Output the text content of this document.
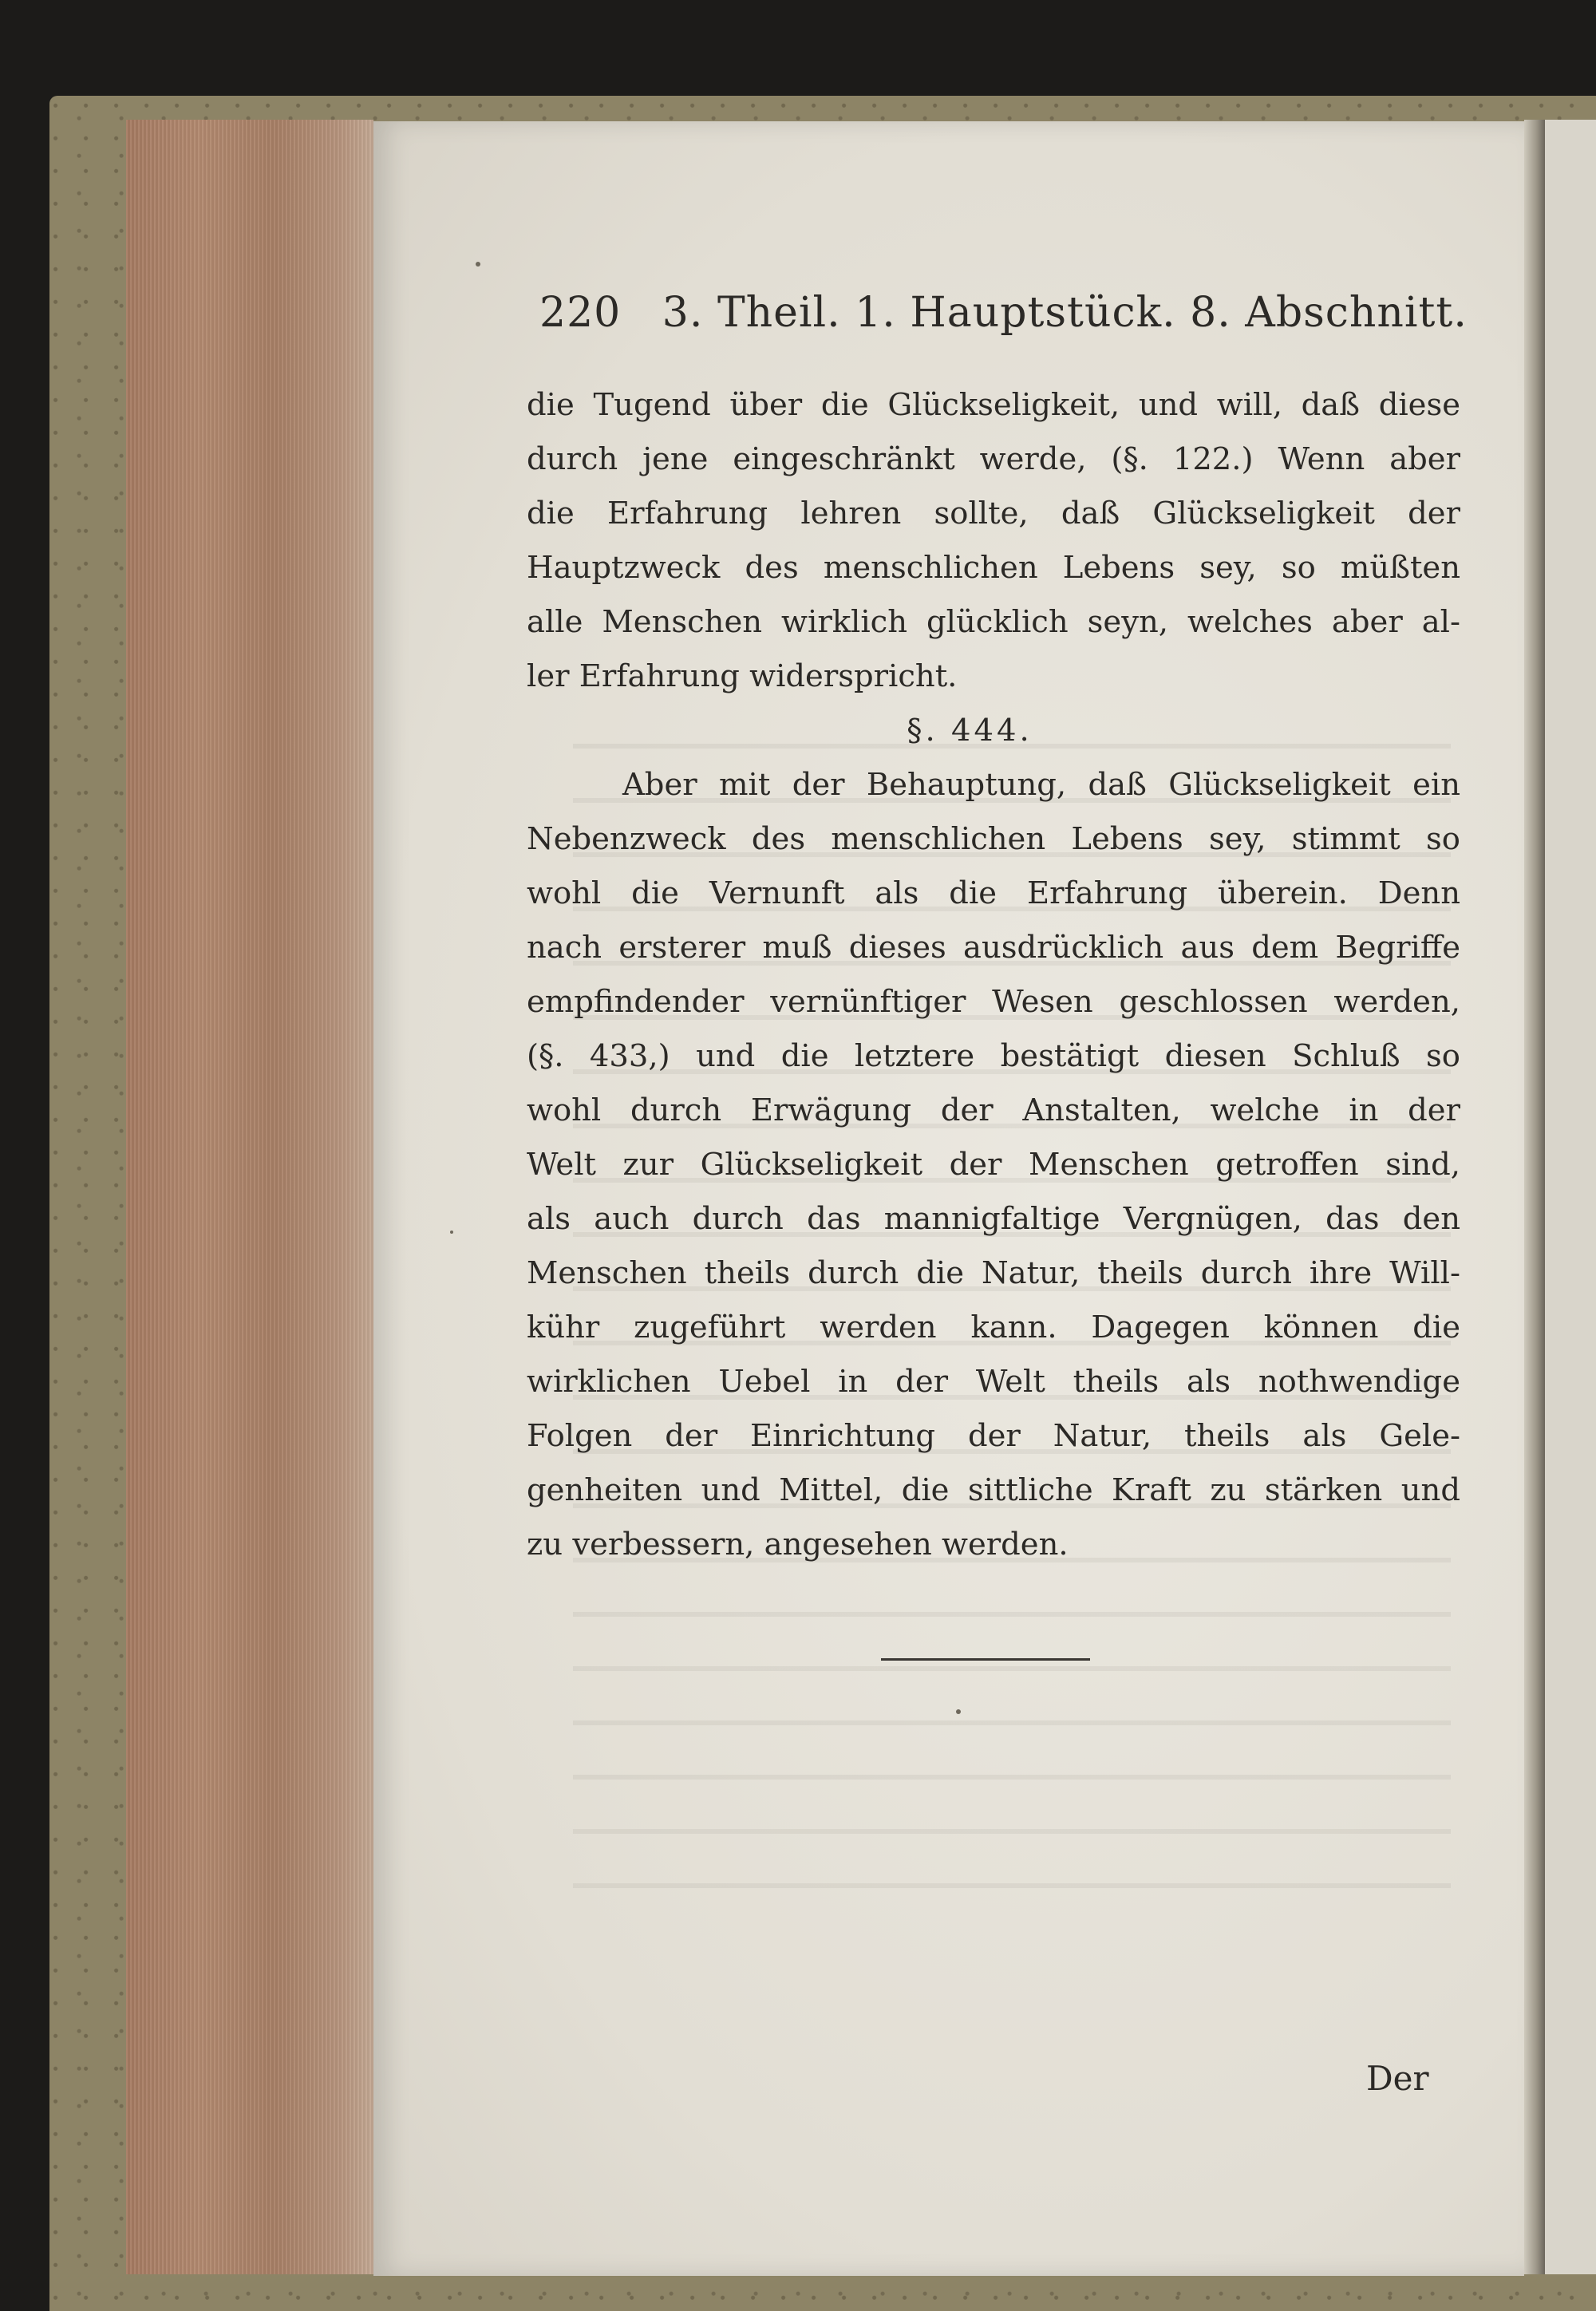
220 3. Theil. 1. Hauptstück. 8. Abschnitt.
die Tugend über die Glückseligkeit, und will, daß diese
durch jene eingeschränkt werde, (§. 122.) Wenn aber
die Erfahrung lehren sollte, daß Glückseligkeit der
Hauptzweck des menschlichen Lebens sey, so müßten
alle Menschen wirklich glücklich seyn, welches aber al-
ler Erfahrung widerspricht.
§. 444.
Aber mit der Behauptung, daß Glückseligkeit ein
Nebenzweck des menschlichen Lebens sey, stimmt so
wohl die Vernunft als die Erfahrung überein. Denn
nach ersterer muß dieses ausdrücklich aus dem Begriffe
empfindender vernünftiger Wesen geschlossen werden,
(§. 433,) und die letztere bestätigt diesen Schluß so
wohl durch Erwägung der Anstalten, welche in der
Welt zur Glückseligkeit der Menschen getroffen sind,
als auch durch das mannigfaltige Vergnügen, das den
Menschen theils durch die Natur, theils durch ihre Will-
kühr zugeführt werden kann. Dagegen können die
wirklichen Uebel in der Welt theils als nothwendige
Folgen der Einrichtung der Natur, theils als Gele-
genheiten und Mittel, die sittliche Kraft zu stärken und
zu verbessern, angesehen werden.
Der
